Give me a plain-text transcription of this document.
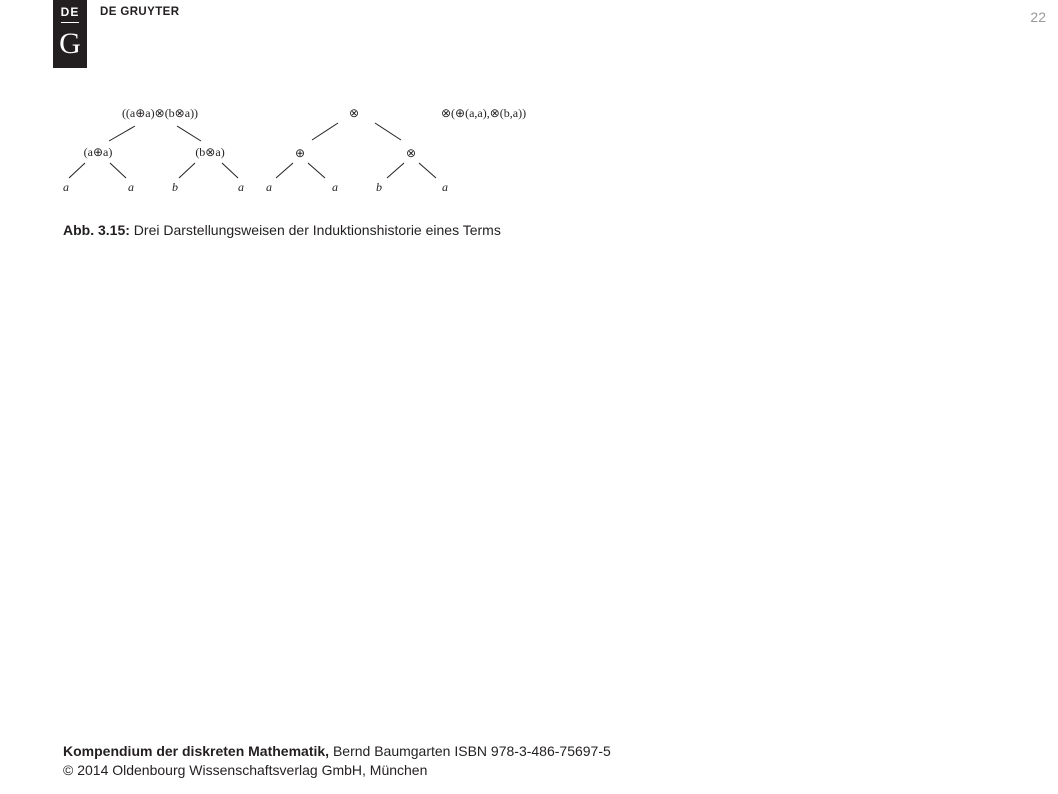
DE
G
DE GRUYTER	22
((a⊕a)⊗(b⊗a))
(a⊕a)	(b⊗a)
a	a	b	a
⊗
⊕	⊗
a	a	b	a
⊗(⊕(a,a),⊗(b,a))
Abb. 3.15: Drei Darstellungsweisen der Induktionshistorie eines Terms
Kompendium der diskreten Mathematik, Bernd Baumgarten ISBN 978-3-486-75697-5
© 2014 Oldenbourg Wissenschaftsverlag GmbH, München
